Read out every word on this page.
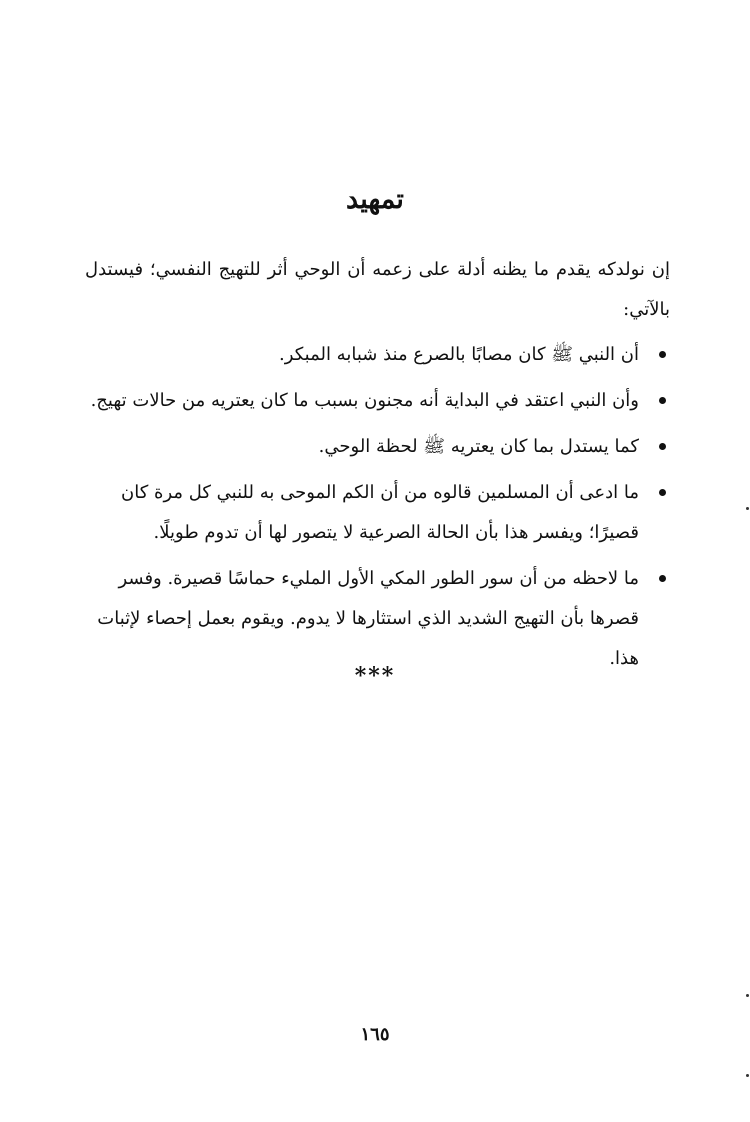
تمهيد

إن نولدكه يقدم ما يظنه أدلة على زعمه أن الوحي أثر للتهيج النفسي؛ فيستدل بالآتي:

أن النبي ﷺ كان مصابًا بالصرع منذ شبابه المبكر.
وأن النبي اعتقد في البداية أنه مجنون بسبب ما كان يعتريه من حالات تهيج.
كما يستدل بما كان يعتريه ﷺ لحظة الوحي.
ما ادعى أن المسلمين قالوه من أن الكم الموحى به للنبي كل مرة كان قصيرًا؛ ويفسر هذا بأن الحالة الصرعية لا يتصور لها أن تدوم طويلًا.
ما لاحظه من أن سور الطور المكي الأول المليء حماسًا قصيرة. وفسر قصرها بأن التهيج الشديد الذي استثارها لا يدوم. ويقوم بعمل إحصاء لإثبات هذا.
***
١٦٥
